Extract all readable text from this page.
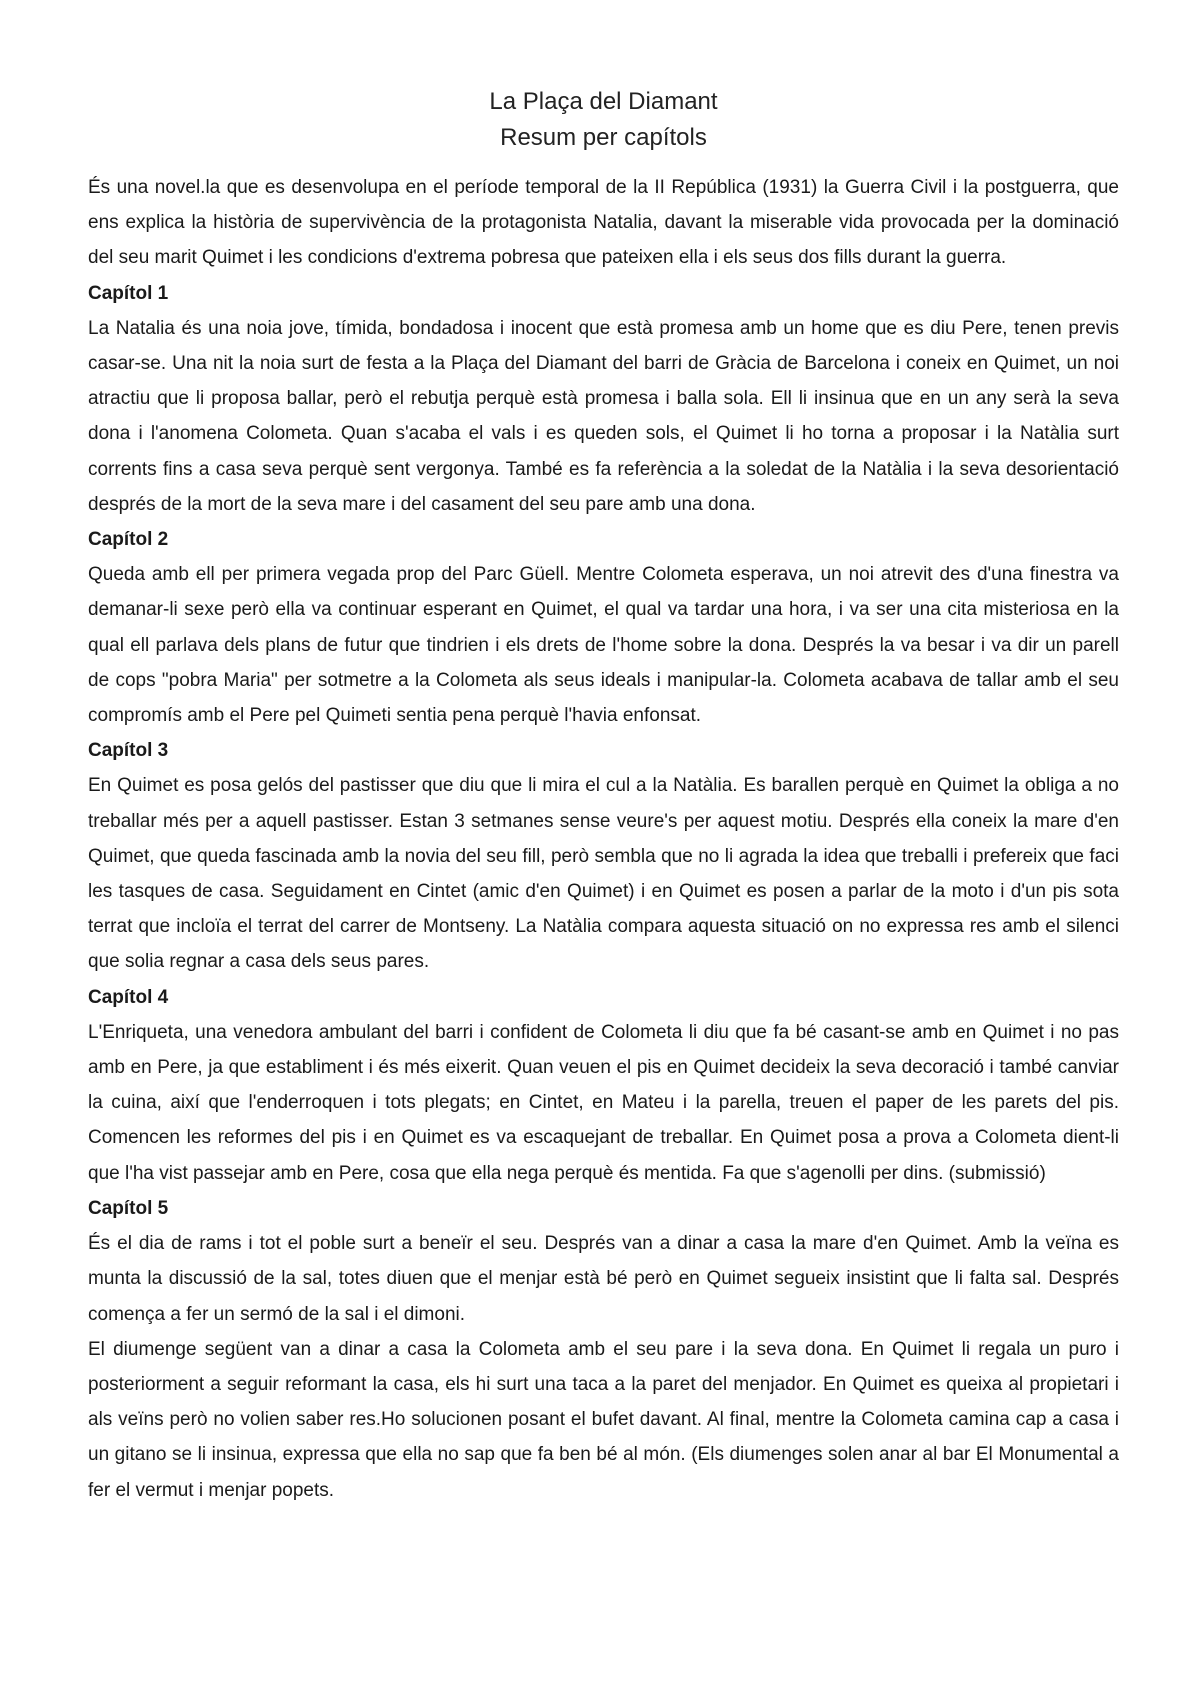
La Plaça del Diamant
Resum per capítols

És una novel.la que es desenvolupa en el període temporal de la II República (1931) la Guerra Civil i la postguerra, que ens explica la història de supervivència de la protagonista Natalia, davant la miserable vida provocada per la dominació del seu marit Quimet i les condicions d'extrema pobresa que pateixen ella i els seus dos fills durant la guerra.

Capítol 1

La Natalia és una noia jove, tímida, bondadosa i inocent que està promesa amb un home que es diu Pere, tenen previs casar-se. Una nit la noia surt de festa a la Plaça del Diamant del barri de Gràcia de Barcelona i coneix en Quimet, un noi atractiu que li proposa ballar, però el rebutja perquè està promesa i balla sola. Ell li insinua que en un any serà la seva dona i l'anomena Colometa. Quan s'acaba el vals i es queden sols, el Quimet li ho torna a proposar i la Natàlia surt corrents fins a casa seva perquè sent vergonya. També es fa referència a la soledat de la Natàlia i la seva desorientació després de la mort de la seva mare i del casament del seu pare amb una dona.

Capítol 2

Queda amb ell per primera vegada prop del Parc Güell. Mentre Colometa esperava, un noi atrevit des d'una finestra va demanar-li sexe però ella va continuar esperant en Quimet, el qual va tardar una hora, i va ser una cita misteriosa en la qual ell parlava dels plans de futur que tindrien i els drets de l'home sobre la dona. Després la va besar i va dir un parell de cops "pobra Maria" per sotmetre a la Colometa als seus ideals i manipular-la. Colometa acabava de tallar amb el seu compromís amb el Pere pel Quimeti sentia pena perquè l'havia enfonsat.

Capítol 3

En Quimet es posa gelós del pastisser que diu que li mira el cul a la Natàlia. Es barallen perquè en Quimet la obliga a no treballar més per a aquell pastisser. Estan 3 setmanes sense veure's per aquest motiu. Després ella coneix la mare d'en Quimet, que queda fascinada amb la novia del seu fill, però sembla que no li agrada la idea que treballi i prefereix que faci les tasques de casa. Seguidament en Cintet (amic d'en Quimet) i en Quimet es posen a parlar de la moto i d'un pis sota terrat que incloïa el terrat del carrer de Montseny. La Natàlia compara aquesta situació on no expressa res amb el silenci que solia regnar a casa dels seus pares.

Capítol 4

L'Enriqueta, una venedora ambulant del barri i confident de Colometa li diu que fa bé casant-se amb en Quimet i no pas amb en Pere, ja que establiment i és més eixerit. Quan veuen el pis en Quimet decideix la seva decoració i també canviar la cuina, així que l'enderroquen i tots plegats; en Cintet, en Mateu i la parella, treuen el paper de les parets del pis. Comencen les reformes del pis i en Quimet es va escaquejant de treballar. En Quimet posa a prova a Colometa dient-li que l'ha vist passejar amb en Pere, cosa que ella nega perquè és mentida. Fa que s'agenolli per dins. (submissió)

Capítol 5

És el dia de rams i tot el poble surt a beneïr el seu. Després van a dinar a casa la mare d'en Quimet. Amb la veïna es munta la discussió de la sal, totes diuen que el menjar està bé però en Quimet segueix insistint que li falta sal. Després comença a fer un sermó de la sal i el dimoni.

El diumenge següent van a dinar a casa la Colometa amb el seu pare i la seva dona. En Quimet li regala un puro i posteriorment a seguir reformant la casa, els hi surt una taca a la paret del menjador. En Quimet es queixa al propietari i als veïns però no volien saber res.Ho solucionen posant el bufet davant. Al final, mentre la Colometa camina cap a casa i un gitano se li insinua, expressa que ella no sap que fa ben bé al món. (Els diumenges solen anar al bar El Monumental a fer el vermut i menjar popets.
